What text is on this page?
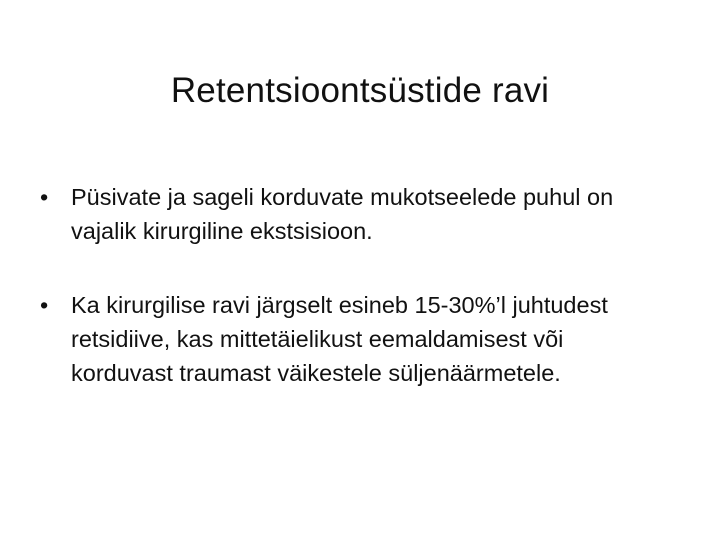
Retentsioontsüstide ravi
• Püsivate ja sageli korduvate mukotseelede puhul on vajalik kirurgiline ekstsisioon.
• Ka kirurgilise ravi järgselt esineb 15-30%’l juhtudest retsidiive, kas mittetäielikust eemaldamisest või korduvast traumast väikestele süljenäärmetele.
